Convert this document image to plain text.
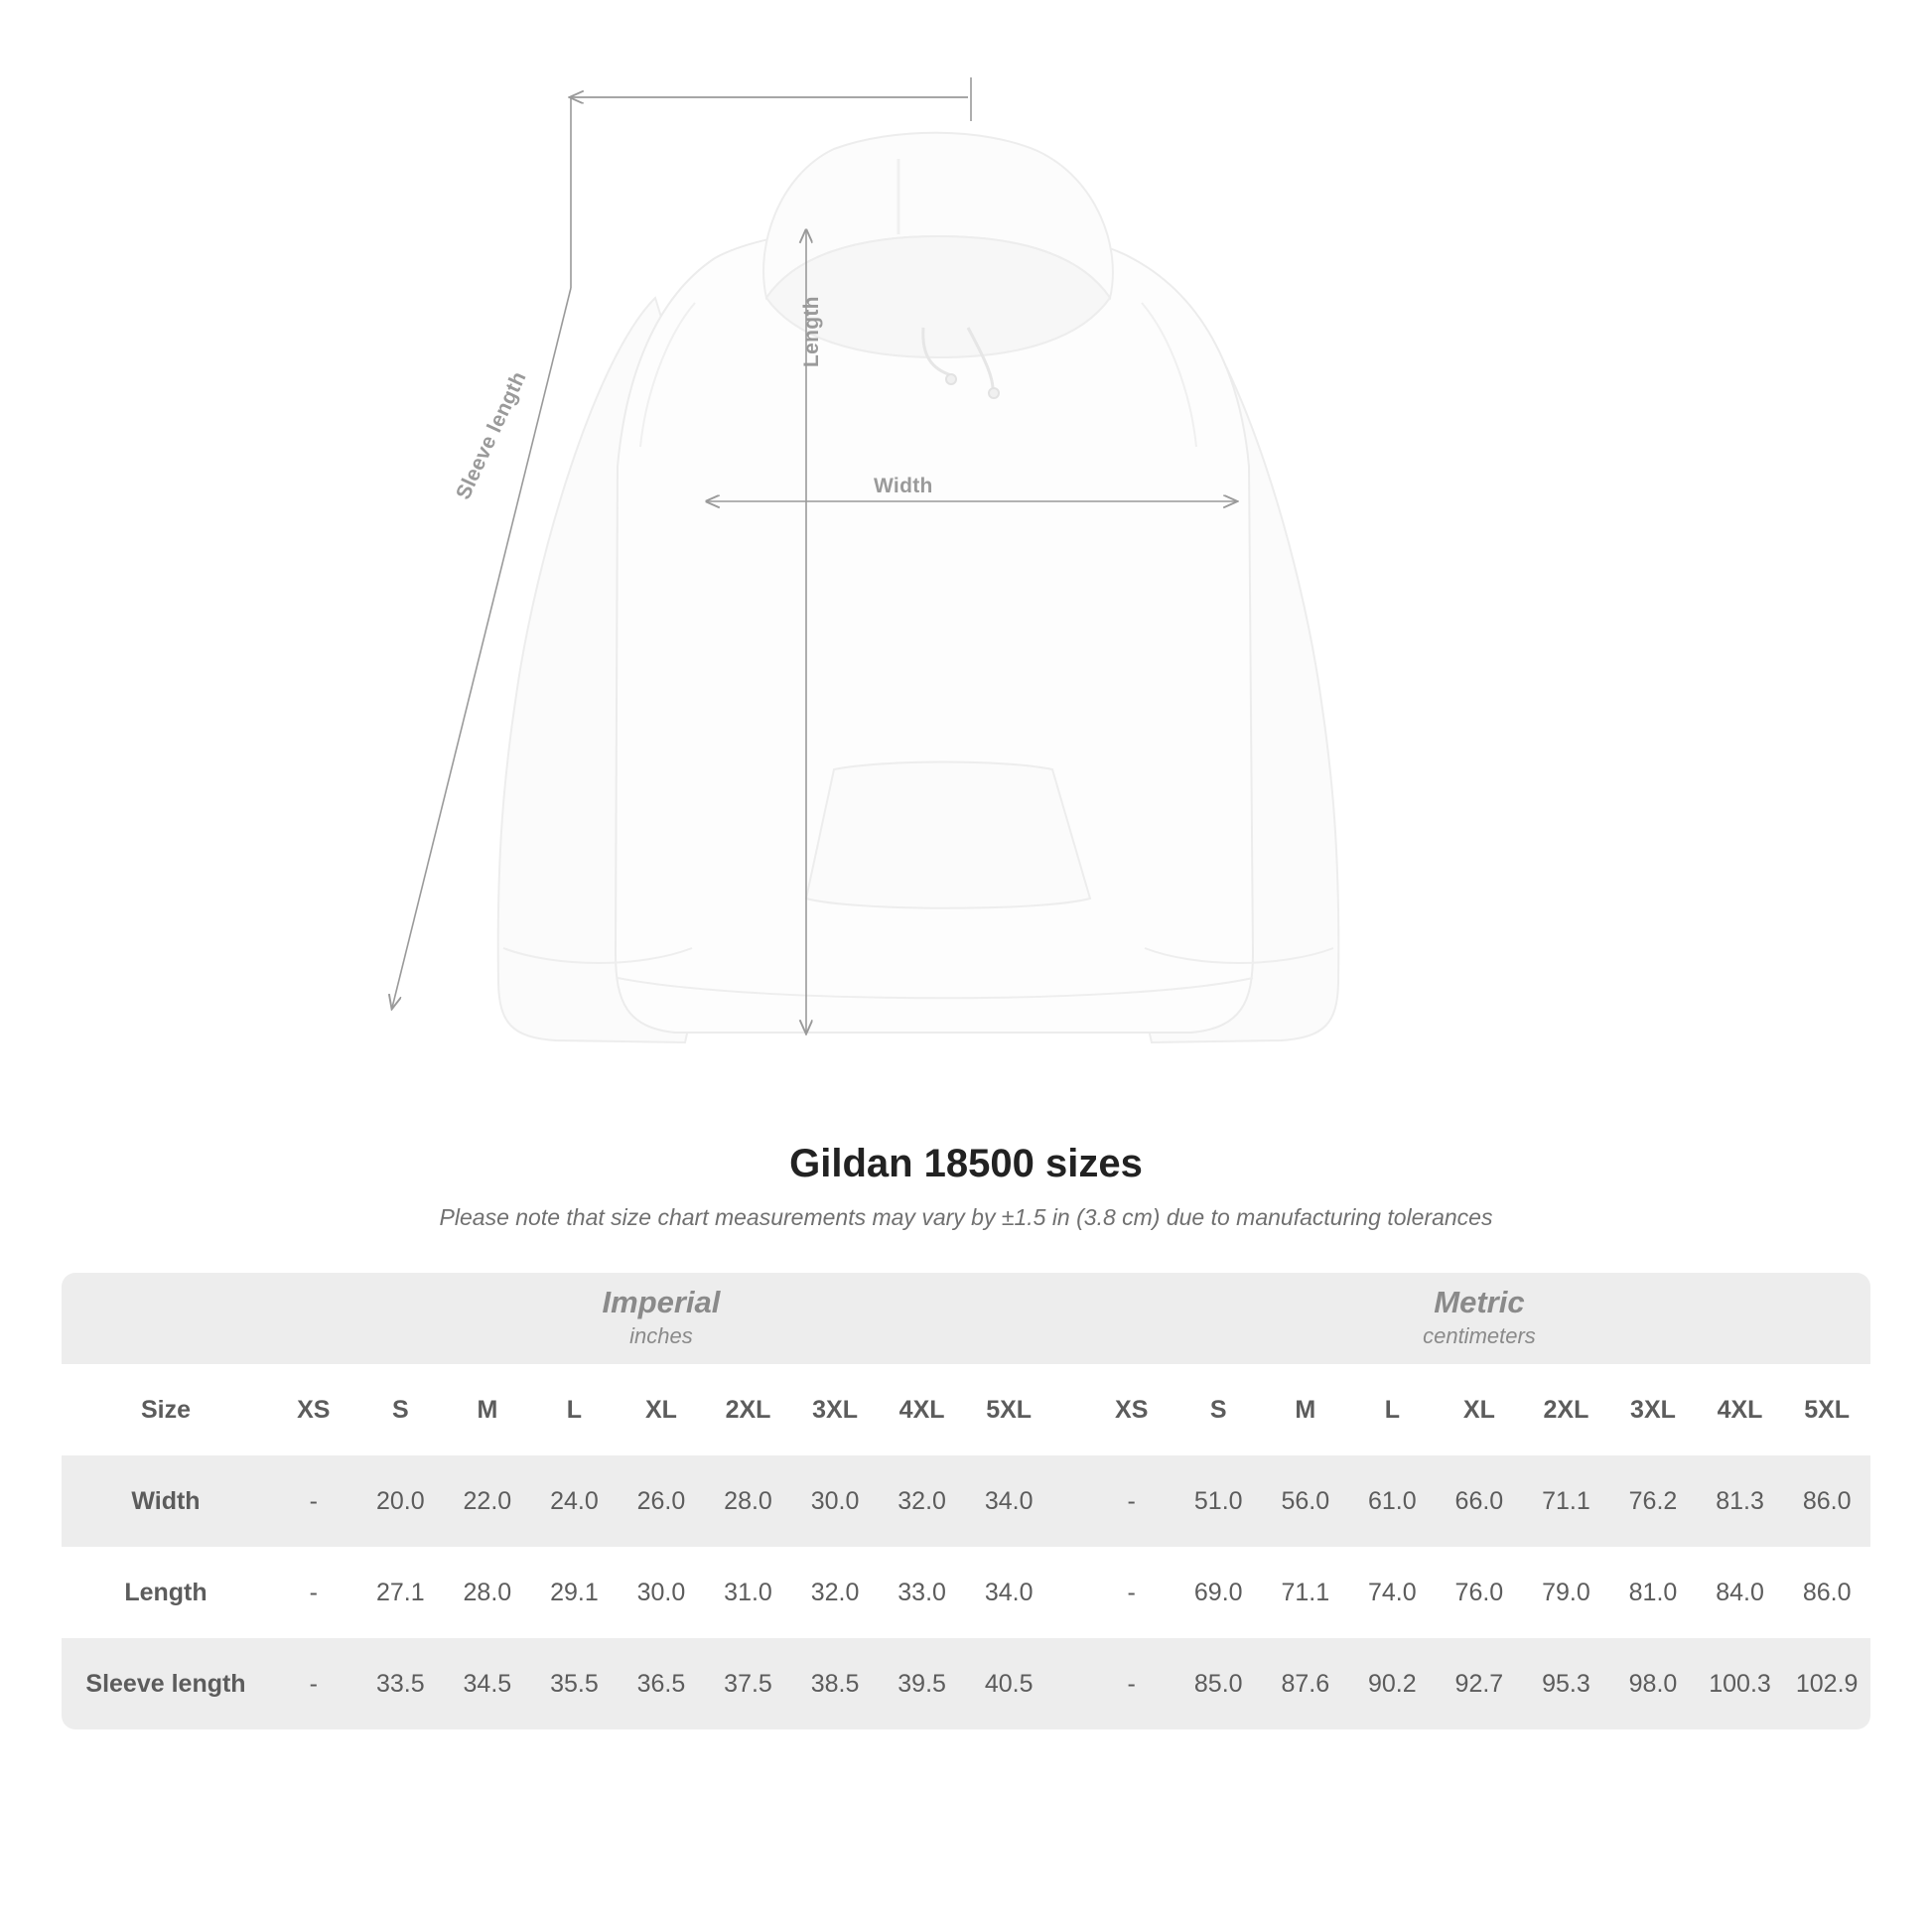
Length
Width
Sleeve length
Gildan 18500 sizes

Please note that size chart measurements may vary by ±1.5 in (3.8 cm) due to manufacturing tolerances

	Imperial
inches										Metric
centimeters								

Size	XS	S	M	L	XL	2XL	3XL	4XL	5XL		XS	S	M	L	XL	2XL	3XL	4XL	5XL
Width	-	20.0	22.0	24.0	26.0	28.0	30.0	32.0	34.0		-	51.0	56.0	61.0	66.0	71.1	76.2	81.3	86.0
Length	-	27.1	28.0	29.1	30.0	31.0	32.0	33.0	34.0		-	69.0	71.1	74.0	76.0	79.0	81.0	84.0	86.0
Sleeve length	-	33.5	34.5	35.5	36.5	37.5	38.5	39.5	40.5		-	85.0	87.6	90.2	92.7	95.3	98.0	100.3	102.9
